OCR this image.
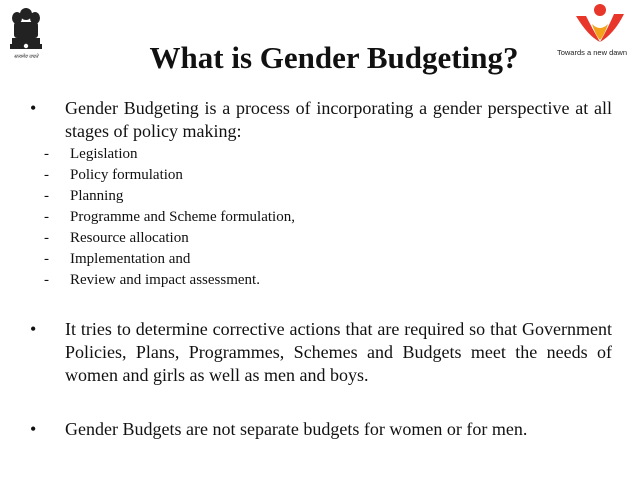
सत्यमेव जयते
Towards a new dawn
What is Gender Budgeting?
• Gender Budgeting is a process of incorporating a gender perspective at all stages of policy making:
- Legislation
- Policy formulation
- Planning
- Programme and Scheme formulation,
- Resource allocation
- Implementation and
- Review and impact assessment.
• It tries to determine corrective actions that are required so that Government Policies, Plans, Programmes, Schemes and Budgets meet the needs of women and girls as well as men and boys.
• Gender Budgets are not separate budgets for women or for men.
